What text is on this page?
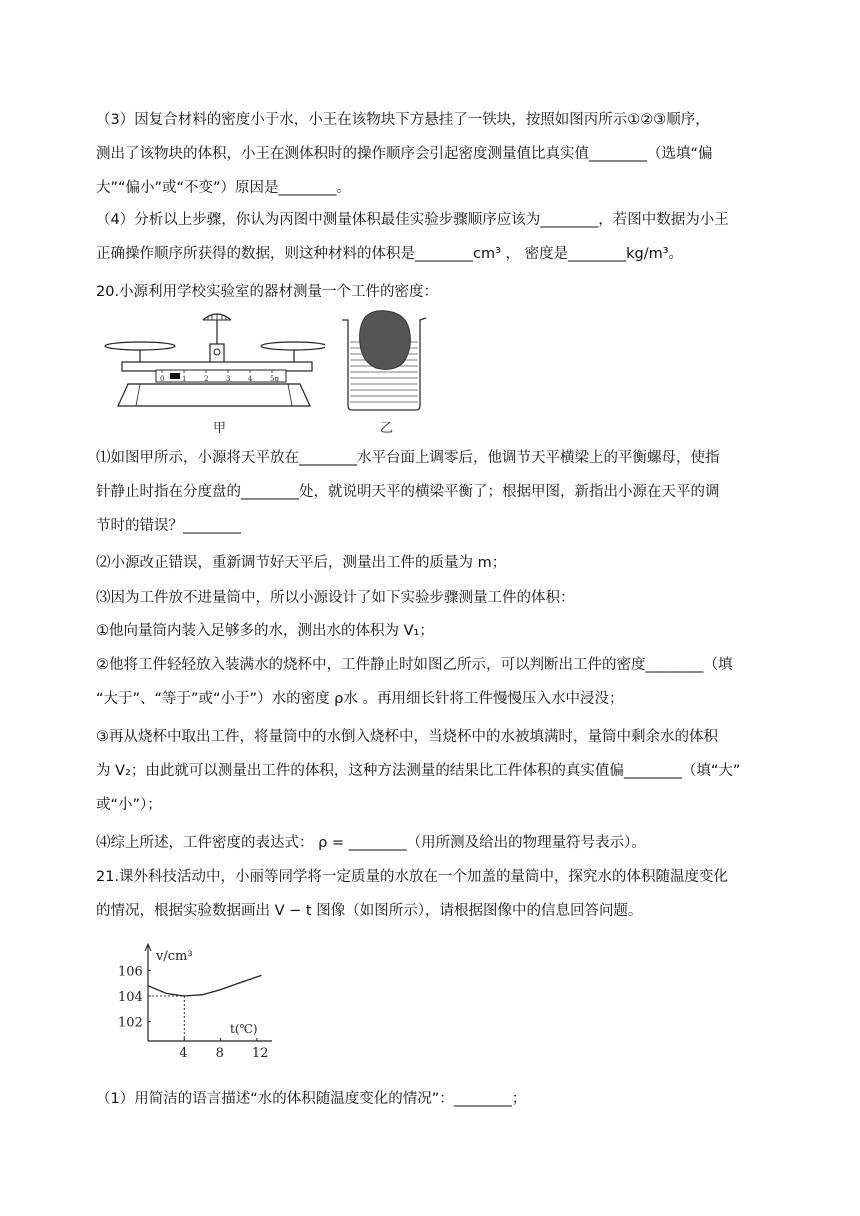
（3）因复合材料的密度小于水，小王在该物块下方悬挂了一铁块，按照如图丙所示①②③顺序，
测出了该物块的体积，小王在测体积时的操作顺序会引起密度测量值比真实值________（选填“偏
大”“偏小”或“不变”）原因是________。
（4）分析以上步骤，你认为丙图中测量体积最佳实验步骤顺序应该为________，若图中数据为小王
正确操作顺序所获得的数据，则这种材料的体积是________cm³ ， 密度是________kg/m³。
20.小源利用学校实验室的器材测量一个工件的密度：
⑴如图甲所示，小源将天平放在________水平台面上调零后，他调节天平横梁上的平衡螺母，使指
针静止时指在分度盘的________处，就说明天平的横梁平衡了；根据甲图，新指出小源在天平的调
节时的错误？________
⑵小源改正错误，重新调节好天平后，测量出工件的质量为 m；
⑶因为工件放不进量筒中，所以小源设计了如下实验步骤测量工件的体积：
①他向量筒内装入足够多的水，测出水的体积为 V₁；
②他将工件轻轻放入装满水的烧杯中，工件静止时如图乙所示，可以判断出工件的密度________（填
“大于”、“等于”或“小于”）水的密度 ρ水 。再用细长针将工件慢慢压入水中浸没；
③再从烧杯中取出工件，将量筒中的水倒入烧杯中，当烧杯中的水被填满时，量筒中剩余水的体积
为 V₂；由此就可以测量出工件的体积，这种方法测量的结果比工件体积的真实值偏________（填“大”
或“小”）；
⑷综上所述，工件密度的表达式： ρ = ________（用所测及给出的物理量符号表示）。
21.课外科技活动中，小丽等同学将一定质量的水放在一个加盖的量筒中，探究水的体积随温度变化
的情况，根据实验数据画出 V − t 图像（如图所示），请根据图像中的信息回答问题。
（1）用简洁的语言描述“水的体积随温度变化的情况”：________；
0	1	2	3	4	5g
甲	乙
v/cm³
t(℃)
102
104
106
4 8 12
